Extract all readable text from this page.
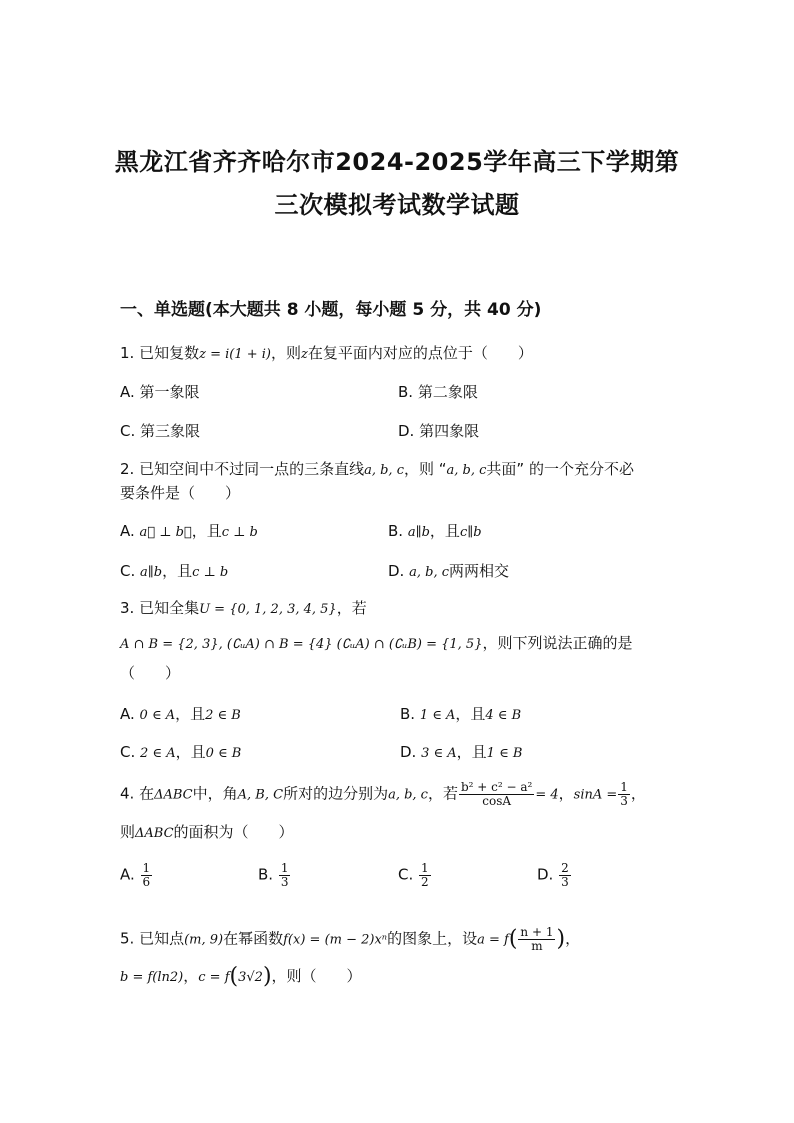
黑龙江省齐齐哈尔市2024-2025学年高三下学期第
三次模拟考试数学试题
一、单选题(本大题共 8 小题，每小题 5 分，共 40 分)
1. 已知复数z = i(1 + i)，则z在复平面内对应的点位于（　　）
A. 第一象限	B. 第二象限
C. 第三象限	D. 第四象限
2. 已知空间中不过同一点的三条直线a, b, c，则 “a, b, c共面” 的一个充分不必
要条件是（　　）
A. a⃗ ⊥ b⃗，且c ⊥ b	B. a∥b，且c∥b
C. a∥b，且c ⊥ b	D. a, b, c两两相交
3. 已知全集U = {0, 1, 2, 3, 4, 5}，若
A ∩ B = {2, 3}, (∁ᵤA) ∩ B = {4} (∁ᵤA) ∩ (∁ᵤB) = {1, 5}，则下列说法正确的是
（　　）
A. 0 ∈ A，且2 ∈ B	B. 1 ∈ A，且4 ∈ B
C. 2 ∈ A，且0 ∈ B	D. 3 ∈ A，且1 ∈ B
4. 在ΔABC中，角A, B, C所对的边分别为a, b, c，若 $\frac{\text{b² + c² − a²}}{\cos A} = 4$，$\sin A = \frac{1}{3}$ ，
则ΔABC的面积为（　　）
A. $\frac{1}{6}$	B. $\frac{1}{3}$	C. $\frac{1}{2}$	D. $\frac{2}{3}$
5. 已知点(m, 9)在幂函数f(x) = (m − 2)xⁿ的图象上，设$a = f( \frac{n + 1}{m}$ )，
b = f(ln2)，c = f(3√2)，则（　　）
